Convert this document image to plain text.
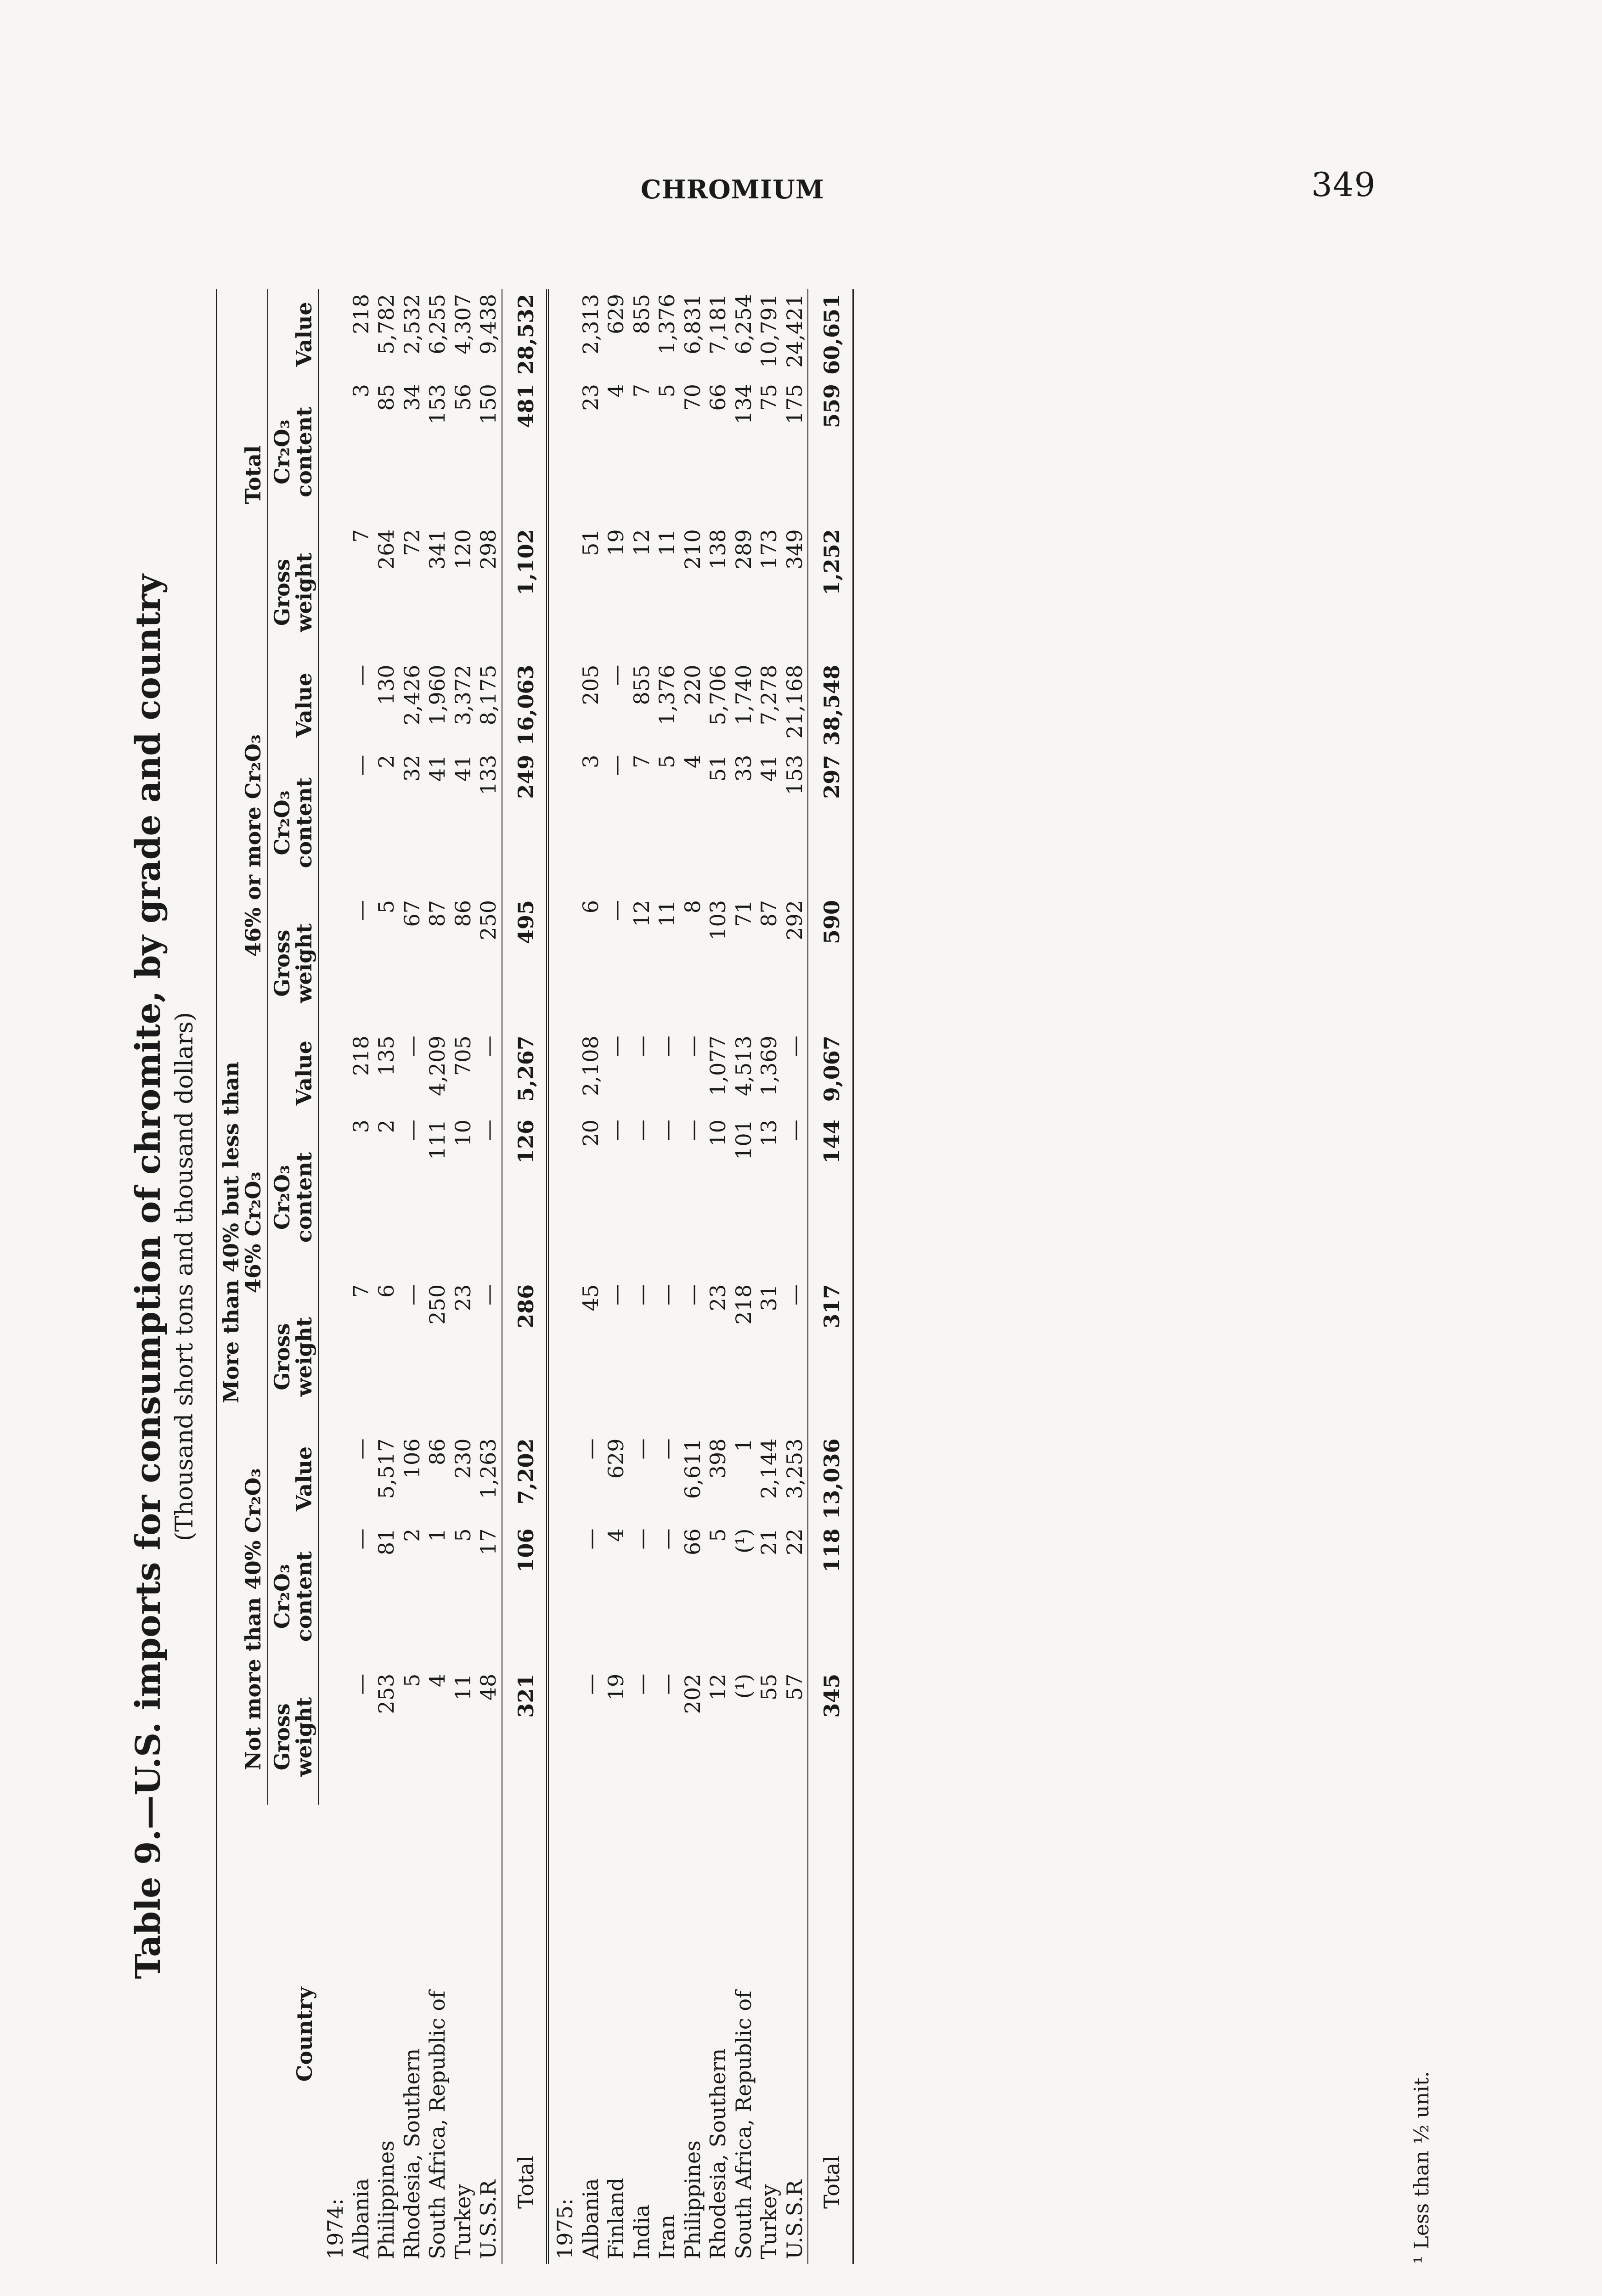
CHROMIUM	349
Table 9.—U.S. imports for consumption of chromite, by grade and country (Thousand short tons and thousand dollars)
Country	Not more than 40% Cr₂O₃			More than 40% but less than 46% Cr₂O₃			46% or more Cr₂O₃			Total		
	Gross weight	Cr₂O₃ content	Value	Gross weight	Cr₂O₃ content	Value	Gross weight	Cr₂O₃ content	Value	Gross weight	Cr₂O₃ content	Value
1974:												
Albania	—	—	—	7	3	218	—	—	—	7	3	218
Philippines	253	81	5,517	6	2	135	5	2	130	264	85	5,782
Rhodesia, Southern	5	2	106	—	—	—	67	32	2,426	72	34	2,532
South Africa, Republic of	4	1	86	250	111	4,209	87	41	1,960	341	153	6,255
Turkey	11	5	230	23	10	705	86	41	3,372	120	56	4,307
U.S.S.R	48	17	1,263	—	—	—	250	133	8,175	298	150	9,438
Total	321	106	7,202	286	126	5,267	495	249	16,063	1,102	481	28,532
1975:												
Albania	—	—	—	45	20	2,108	6	3	205	51	23	2,313
Finland	19	4	629	—	—	—	—	—	—	19	4	629
India	—	—	—	—	—	—	12	7	855	12	7	855
Iran	—	—	—	—	—	—	11	5	1,376	11	5	1,376
Philippines	202	66	6,611	—	—	—	8	4	220	210	70	6,831
Rhodesia, Southern	12	5	398	23	10	1,077	103	51	5,706	138	66	7,181
South Africa, Republic of	(¹)	(¹)	1	218	101	4,513	71	33	1,740	289	134	6,254
Turkey	55	21	2,144	31	13	1,369	87	41	7,278	173	75	10,791
U.S.S.R	57	22	3,253	—	—	—	292	153	21,168	349	175	24,421
Total	345	118	13,036	317	144	9,067	590	297	38,548	1,252	559	60,651
¹ Less than ½ unit.
